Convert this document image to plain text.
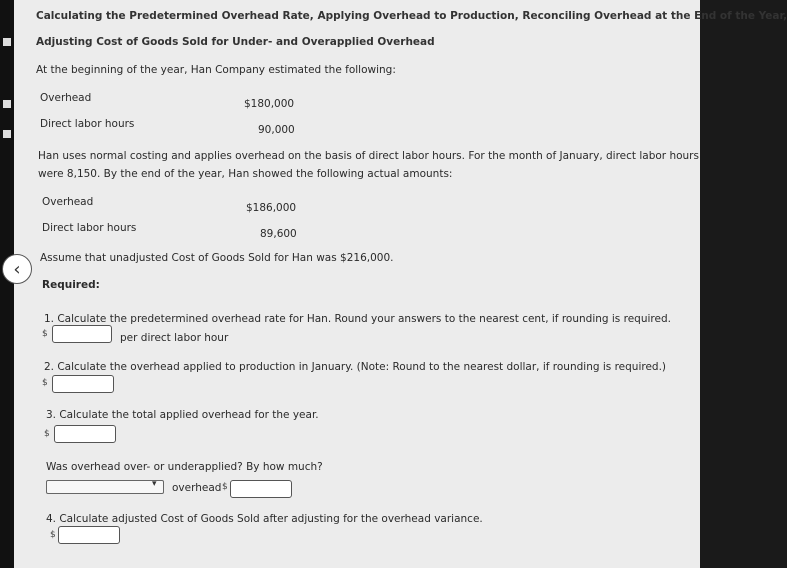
Calculating the Predetermined Overhead Rate, Applying Overhead to Production, Reconciling Overhead at the End of the Year,
Adjusting Cost of Goods Sold for Under- and Overapplied Overhead
At the beginning of the year, Han Company estimated the following:
Overhead	$180,000
Direct labor hours	90,000
Han uses normal costing and applies overhead on the basis of direct labor hours. For the month of January, direct labor hours
were 8,150. By the end of the year, Han showed the following actual amounts:
Overhead	$186,000
Direct labor hours	89,600
Assume that unadjusted Cost of Goods Sold for Han was $216,000.
Required:
1. Calculate the predetermined overhead rate for Han. Round your answers to the nearest cent, if rounding is required.
$	per direct labor hour
2. Calculate the overhead applied to production in January. (Note: Round to the nearest dollar, if rounding is required.)
$
3. Calculate the total applied overhead for the year.
$
Was overhead over- or underapplied? By how much?
▾ overhead $
4. Calculate adjusted Cost of Goods Sold after adjusting for the overhead variance.
$
‹
